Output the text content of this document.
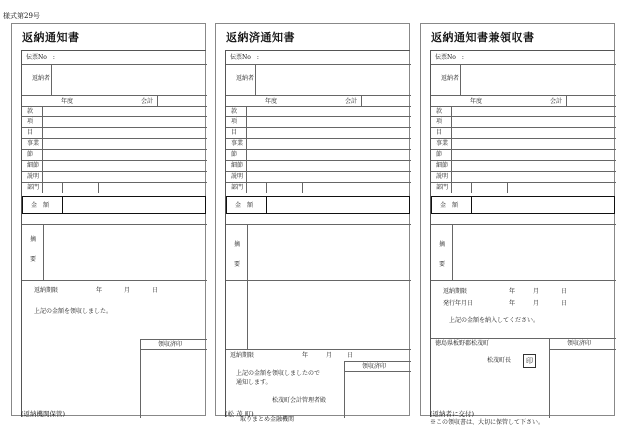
様式第29号
返納通知書
伝票No　:
返納者
年度	会計
款
項
目
事業
節
細節
説明
部門
金　額
摘
要
返納期限	年	月	日
上記の金額を領収しました。
領収済印
(返納機関保管)
返納済通知書
伝票No　:
返納者
年度	会計
款
項
目
事業
節
細節
説明
部門
金　額
摘
要
返納期限	年	月 日
領収済印
上記の金額を領収しましたので
通知します。
松茂町会計管理者殿
取りまとめ金融機関
(松 茂 町)
返納通知書兼領収書
伝票No　:
返納者
年度	会計
款
項
目
事業
節
細節
説明
部門
金　額
摘
要
返納期限	年	月	日
発行年月日	年	月	日
上記の金額を納入してください。
徳島県板野郡松茂町	領収済印
松茂町長	印
(返納者に交付)
※この領収書は、大切に保管して下さい。
